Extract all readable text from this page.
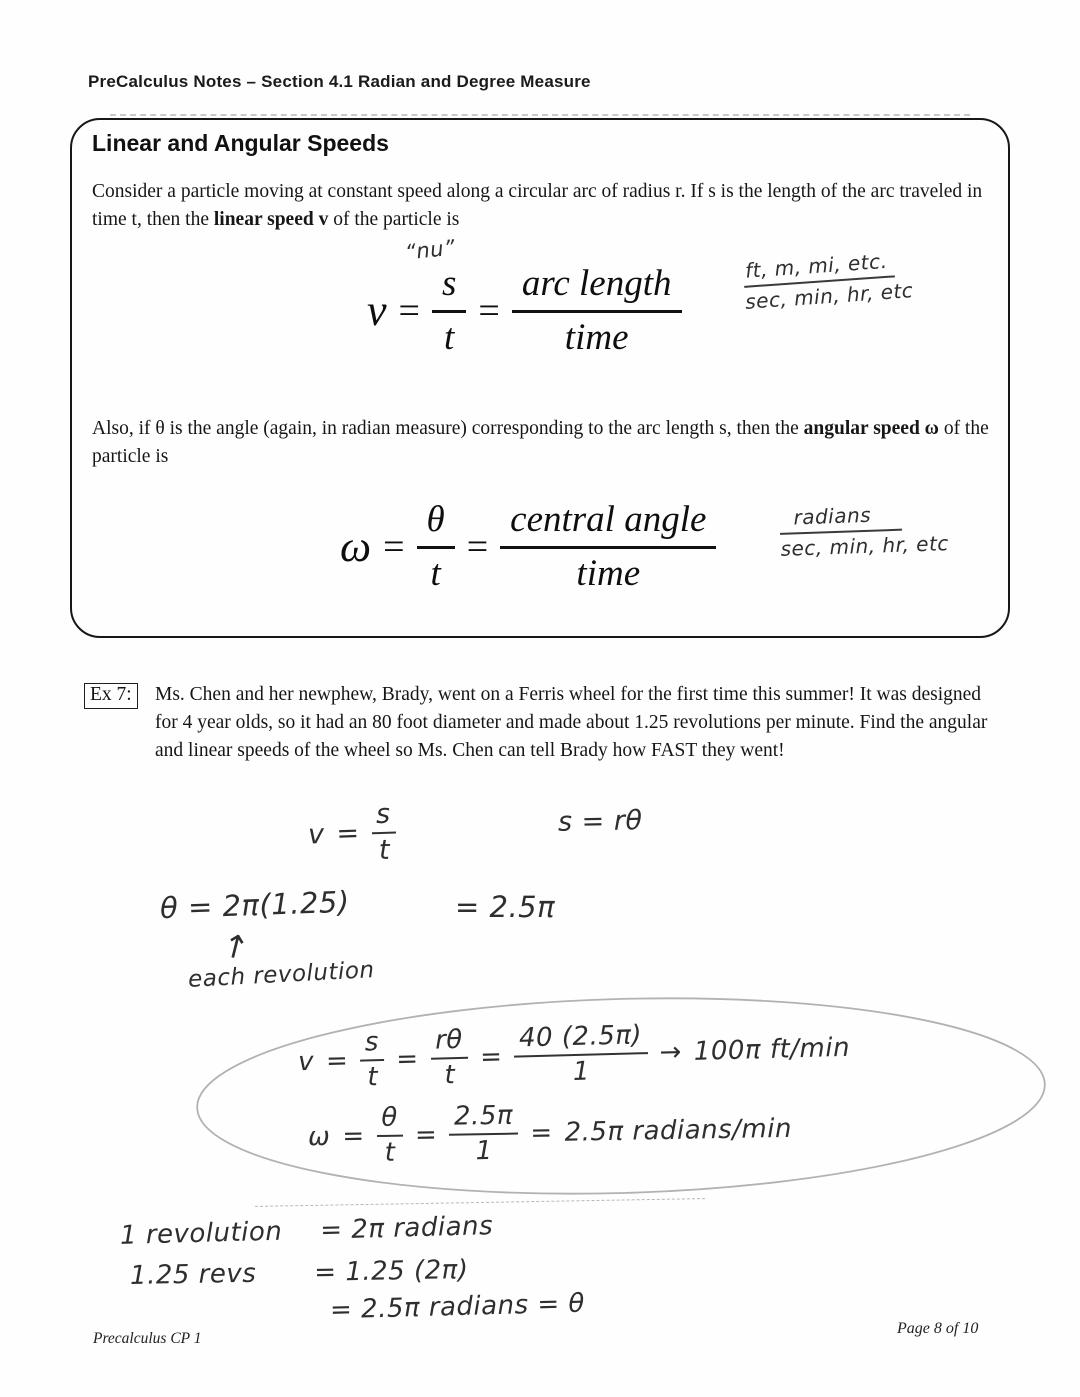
PreCalculus Notes – Section 4.1 Radian and Degree Measure
Linear and Angular Speeds

Consider a particle moving at constant speed along a circular arc of radius r. If s is the length of the arc traveled in time t, then the linear speed v of the particle is

“nu”
$v = \frac{s}{t} = \frac{\text{arc length}}{\text{time}}$	ft, m, mi, etc.
sec, min, hr, etc

Also, if θ is the angle (again, in radian measure) corresponding to the arc length s, then the angular speed ω of the particle is

$\omega = \frac{\theta}{t} = \frac{\text{central angle}}{\text{time}}$	radians
sec, min, hr, etc
Ex 7:	Ms. Chen and her newphew, Brady, went on a Ferris wheel for the first time this summer! It was designed for 4 year olds, so it had an 80 foot diameter and made about 1.25 revolutions per minute. Find the angular and linear speeds of the wheel so Ms. Chen can tell Brady how FAST they went!

$v = \frac{s}{t}$	s = rθ
θ = 2π(1.25)	= 2.5π
↑
each revolution
$v = \frac{s}{t} = \frac{r\theta}{t} = \frac{40 (2.5\pi)}{1} \to 100\pi$ ft/min
$\omega = \frac{\theta}{t} = \frac{2.5\pi}{1} = 2.5\pi$ radians/min
1 revolution = 2π radians
1.25 revs = 1.25 (2π)
= 2.5π radians = θ
Precalculus CP 1
Page 8 of 10
